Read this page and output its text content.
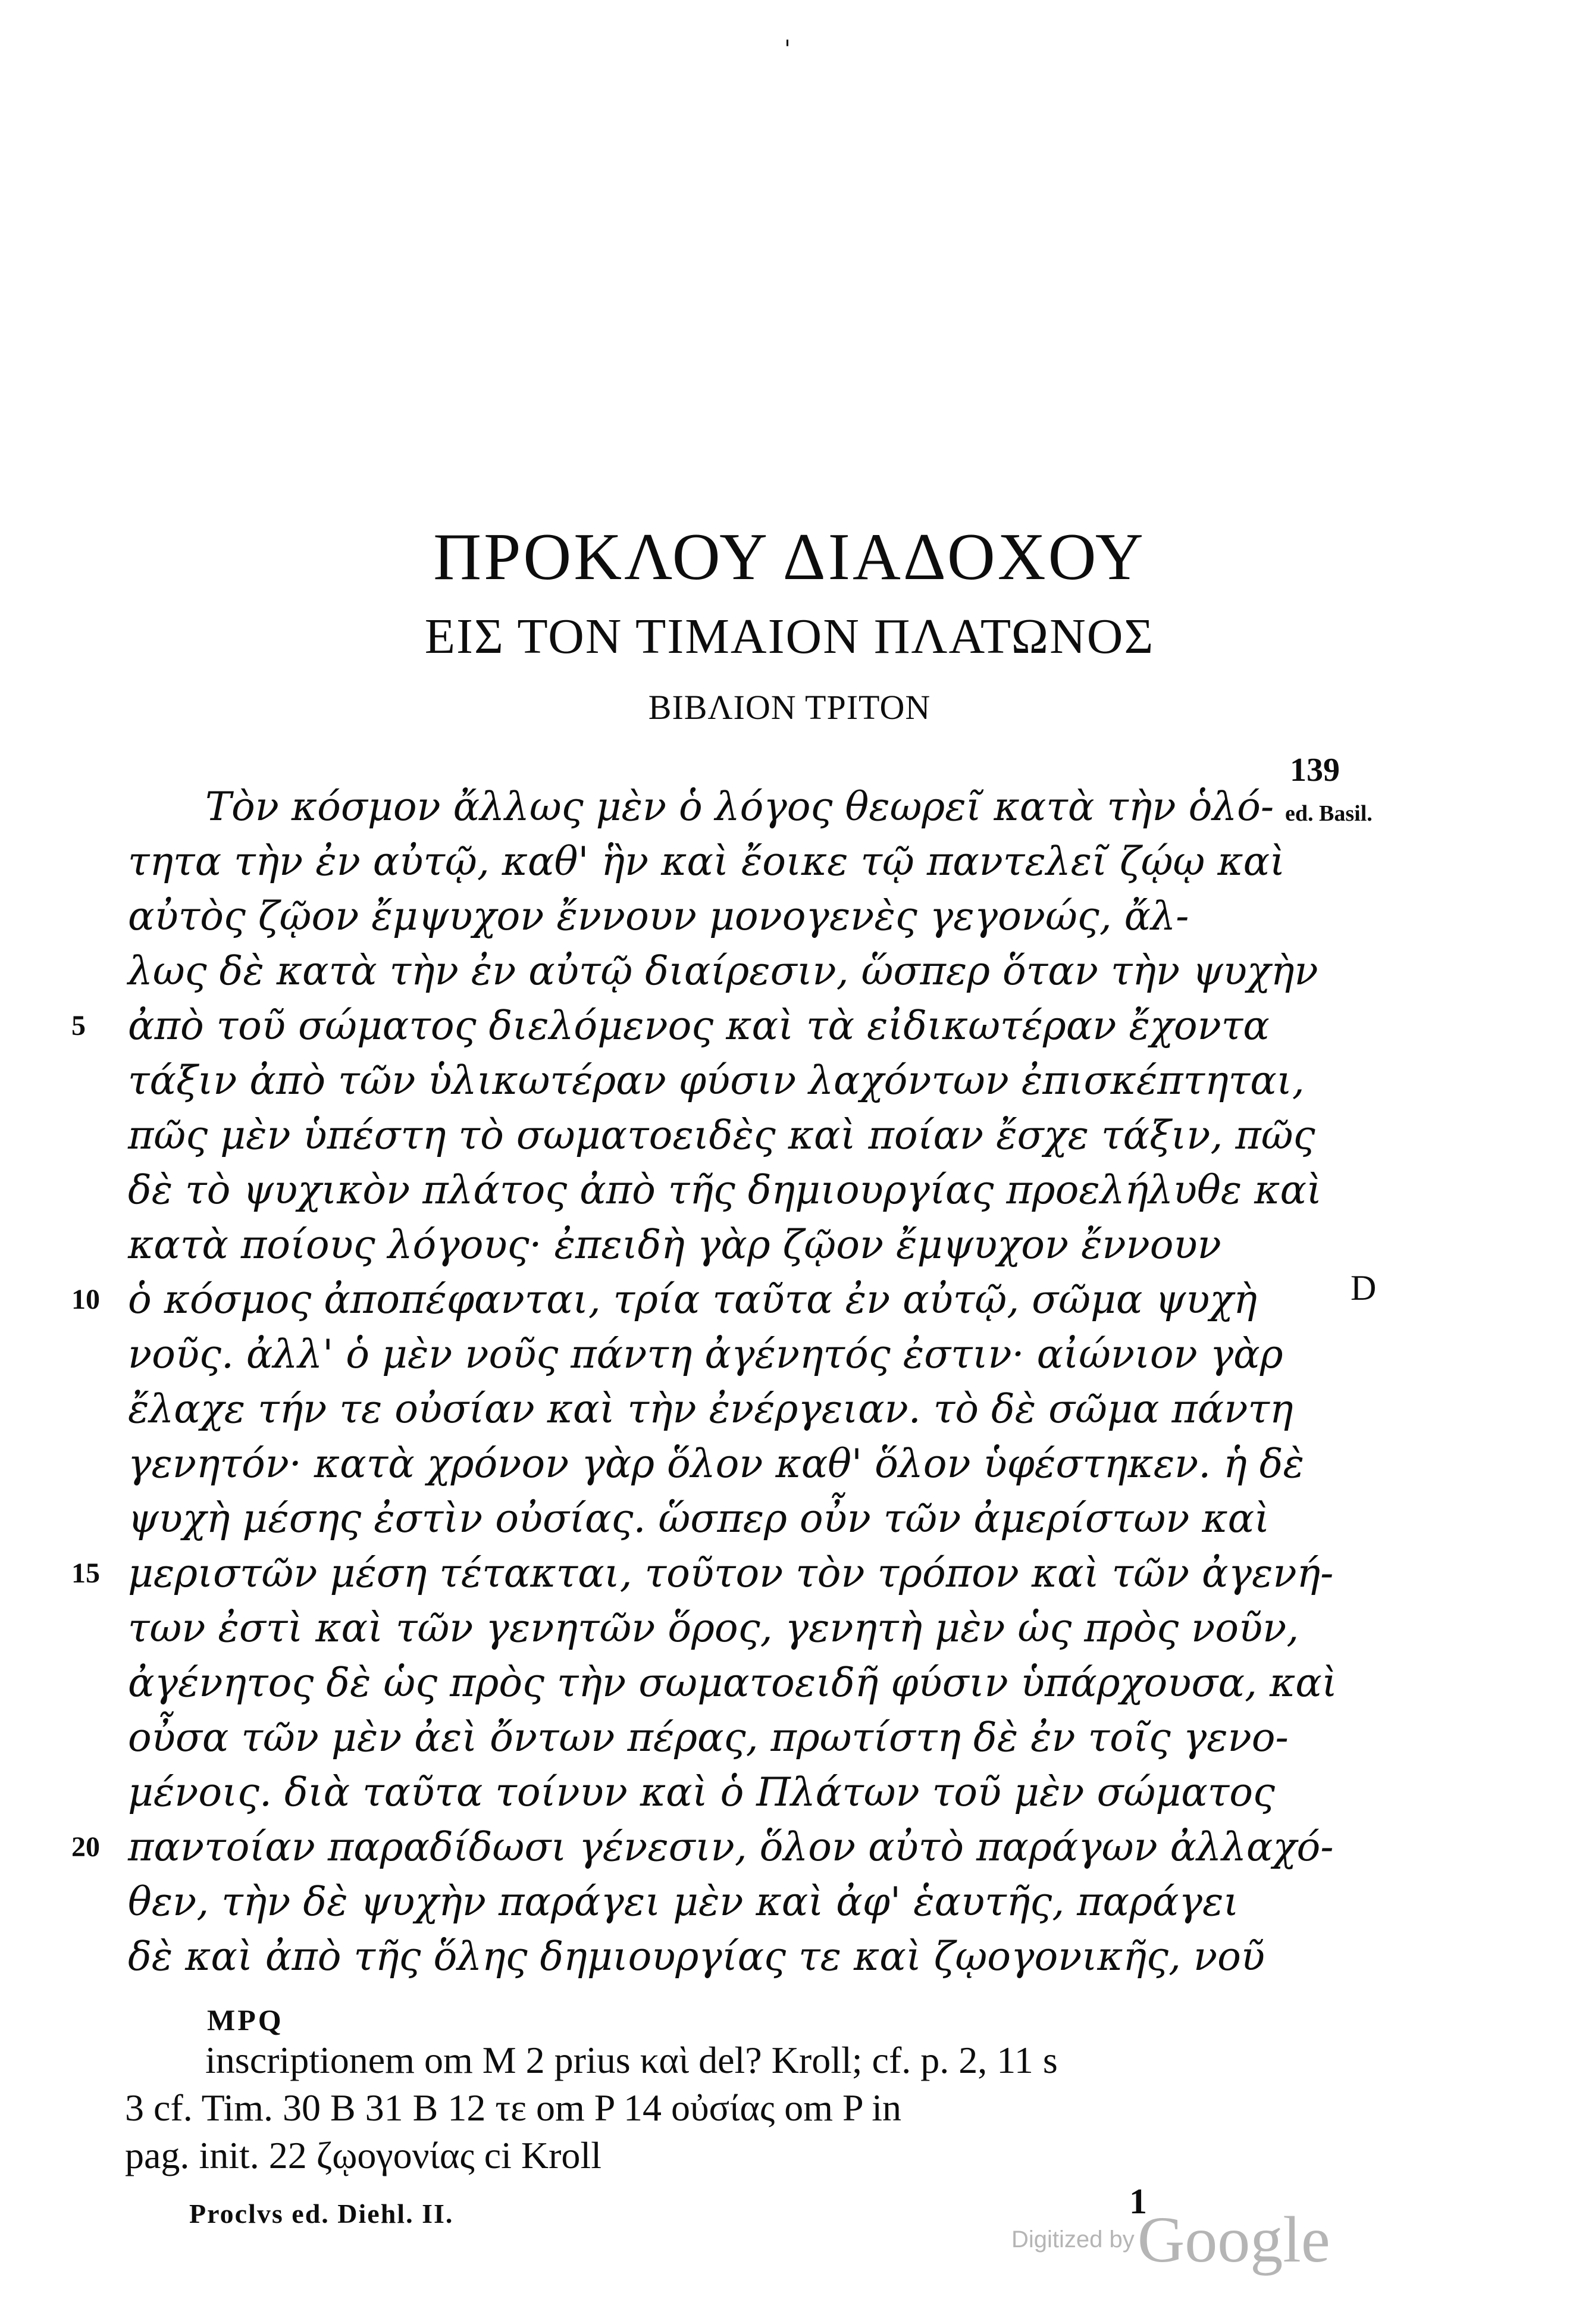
'
ΠΡΟΚΛΟΥ ΔΙΑΔΟΧΟΥ
ΕΙΣ ΤΟΝ ΤΙΜΑΙΟΝ ΠΛΑΤΩΝΟΣ
ΒΙΒΛΙΟΝ ΤΡΙΤΟΝ
139
ed. Basil.
D
Τὸν κόσμον ἄλλως μὲν ὁ λόγος θεωρεῖ κατὰ τὴν ὁλό-
τητα τὴν ἐν αὐτῷ, καθ' ἣν καὶ ἔοικε τῷ παντελεῖ ζῴῳ καὶ
αὐτὸς ζῷον ἔμψυχον ἔννουν μονογενὲς γεγονώς, ἄλ-
λως δὲ κατὰ τὴν ἐν αὐτῷ διαίρεσιν, ὥσπερ ὅταν τὴν ψυχὴν
5	ἀπὸ τοῦ σώματος διελόμενος καὶ τὰ εἰδικωτέραν ἔχοντα
τάξιν ἀπὸ τῶν ὑλικωτέραν φύσιν λαχόντων ἐπισκέπτηται,
πῶς μὲν ὑπέστη τὸ σωματοειδὲς καὶ ποίαν ἔσχε τάξιν, πῶς
δὲ τὸ ψυχικὸν πλάτος ἀπὸ τῆς δημιουργίας προελήλυθε καὶ
κατὰ ποίους λόγους· ἐπειδὴ γὰρ ζῷον ἔμψυχον ἔννουν
10 ὁ κόσμος ἀποπέφανται, τρία ταῦτα ἐν αὐτῷ, σῶμα ψυχὴ
νοῦς. ἀλλ' ὁ μὲν νοῦς πάντη ἀγένητός ἐστιν· αἰώνιον γὰρ
ἔλαχε τήν τε οὐσίαν καὶ τὴν ἐνέργειαν. τὸ δὲ σῶμα πάντη
γενητόν· κατὰ χρόνον γὰρ ὅλον καθ' ὅλον ὑφέστηκεν. ἡ δὲ
ψυχὴ μέσης ἐστὶν οὐσίας. ὥσπερ οὖν τῶν ἀμερίστων καὶ
15 μεριστῶν μέση τέτακται, τοῦτον τὸν τρόπον καὶ τῶν ἀγενή-
των ἐστὶ καὶ τῶν γενητῶν ὅρος, γενητὴ μὲν ὡς πρὸς νοῦν,
ἀγένητος δὲ ὡς πρὸς τὴν σωματοειδῆ φύσιν ὑπάρχουσα, καὶ
οὖσα τῶν μὲν ἀεὶ ὄντων πέρας, πρωτίστη δὲ ἐν τοῖς γενο-
μένοις. διὰ ταῦτα τοίνυν καὶ ὁ Πλάτων τοῦ μὲν σώματος
20 παντοίαν παραδίδωσι γένεσιν, ὅλον αὐτὸ παράγων ἀλλαχό-
θεν, τὴν δὲ ψυχὴν παράγει μὲν καὶ ἀφ' ἑαυτῆς, παράγει
δὲ καὶ ἀπὸ τῆς ὅλης δημιουργίας τε καὶ ζῳογονικῆς, νοῦ
MPQ
inscriptionem om M 2 prius καὶ del? Kroll; cf. p. 2, 11 s
3 cf. Tim. 30 B 31 B 12 τε om P 14 οὐσίας om P in
pag. init. 22 ζῳογονίας ci Kroll
Proclvs ed. Diehl. II.	1
Digitized by Google
